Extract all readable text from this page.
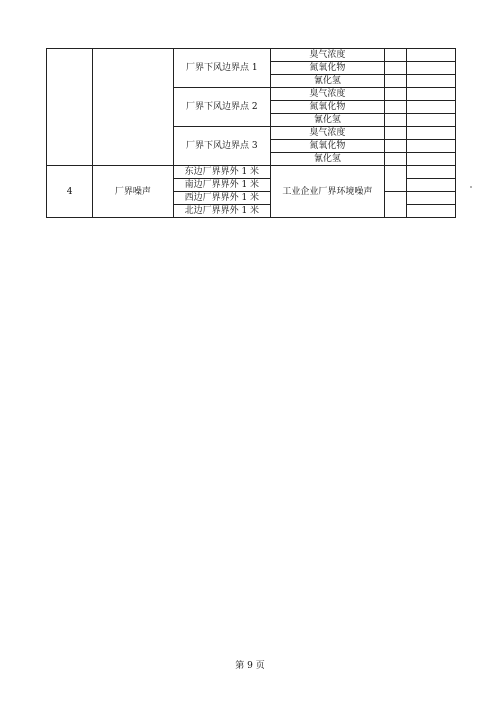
		厂界下风边界点 1	臭气浓度		
			氮氧化物		
			氰化氢		
		厂界下风边界点 2	臭气浓度		
			氮氧化物		
			氰化氢		
		厂界下风边界点 3	臭气浓度		
			氮氧化物		
			氰化氢		
4	厂界噪声	东边厂界界外 1 米	工业企业厂界环境噪声		
		南边厂界界外 1 米			
		西边厂界界外 1 米			
		北边厂界界外 1 米			
第 9 页
